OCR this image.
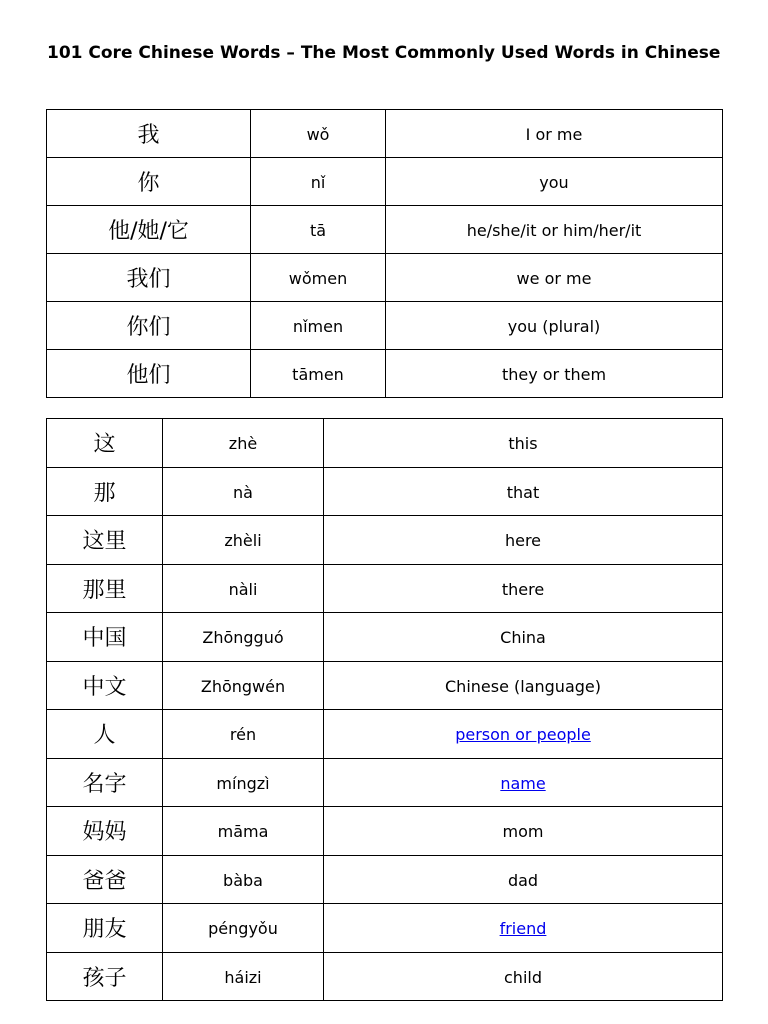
101 Core Chinese Words – The Most Commonly Used Words in Chinese
我	wǒ	I or me
你	nǐ	you
他/她/它	tā	he/she/it or him/her/it
我们	wǒmen	we or me
你们	nǐmen	you (plural)
他们	tāmen	they or them
这	zhè	this
那	nà	that
这里	zhèli	here
那里	nàli	there
中国	Zhōngguó	China
中文	Zhōngwén	Chinese (language)
人	rén	person or people
名字	míngzì	name
妈妈	māma	mom
爸爸	bàba	dad
朋友	péngyǒu	friend
孩子	háizi	child
